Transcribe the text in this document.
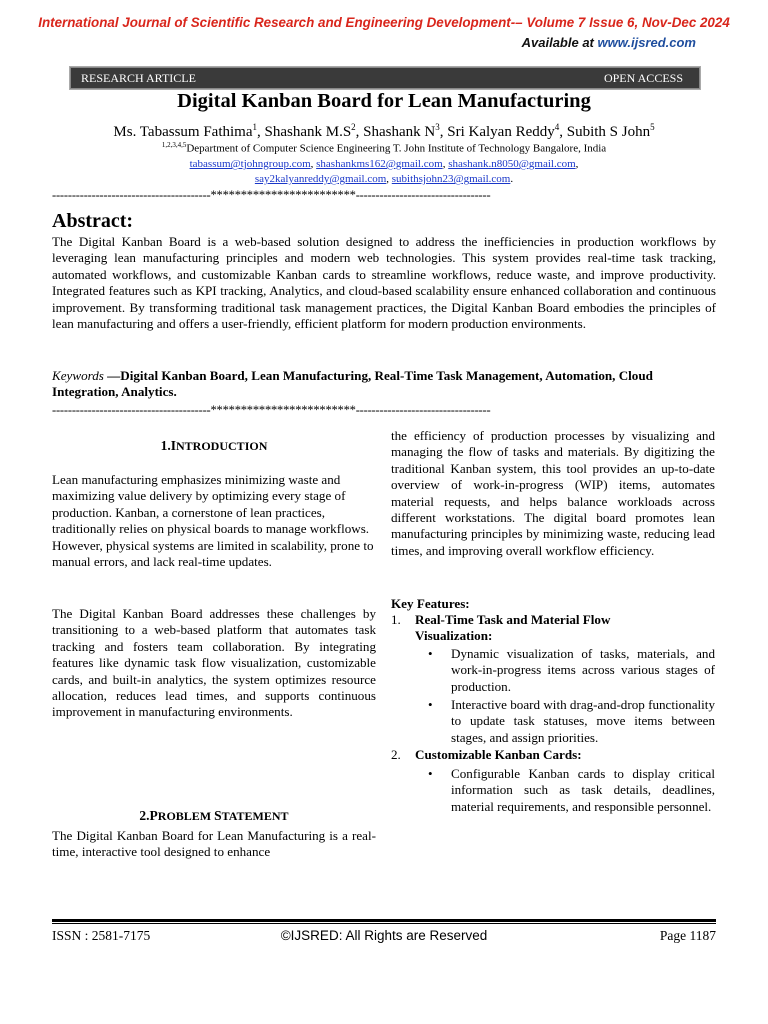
International Journal of Scientific Research and Engineering Development-– Volume 7 Issue 6, Nov-Dec 2024
Available at www.ijsred.com
RESEARCH ARTICLE	OPEN ACCESS
Digital Kanban Board for Lean Manufacturing
Ms. Tabassum Fathima$^1$, Shashank $M.S^2$, Shashank $N^3$, Sri Kalyan Reddy$^4$, Subith S John$^5$
$^{1,2,3,4,5}$Department of Computer Science Engineering T. John Institute of Technology Bangalore, India
tabassum@tjohngroup.com, shashankms162@gmail.com, shashank.n8050@gmail.com,
say2kalyanreddy@gmail.com, subithsjohn23@gmail.com.
----------------------------------------************************----------------------------------
Abstract:
The Digital Kanban Board is a web-based solution designed to address the inefficiencies in production workflows by leveraging lean manufacturing principles and modern web technologies. This system provides real-time task tracking, automated workflows, and customizable Kanban cards to streamline workflows, reduce waste, and improve productivity. Integrated features such as KPI tracking, Analytics, and cloud-based scalability ensure enhanced collaboration and continuous improvement. By transforming traditional task management practices, the Digital Kanban Board embodies the principles of lean manufacturing and offers a user-friendly, efficient platform for modern production environments.
Keywords —Digital Kanban Board, Lean Manufacturing, Real-Time Task Management, Automation, Cloud Integration, Analytics.
----------------------------------------************************----------------------------------
1.INTRODUCTION
Lean manufacturing emphasizes minimizing waste and maximizing value delivery by optimizing every stage of production. Kanban, a cornerstone of lean practices, traditionally relies on physical boards to manage workflows. However, physical systems are limited in scalability, prone to manual errors, and lack real-time updates.
The Digital Kanban Board addresses these challenges by transitioning to a web-based platform that automates task tracking and fosters team collaboration. By integrating features like dynamic task flow visualization, customizable cards, and built-in analytics, the system optimizes resource allocation, reduces lead times, and supports continuous improvement in manufacturing environments.
2.PROBLEM STATEMENT
The Digital Kanban Board for Lean Manufacturing is a real-time, interactive tool designed to enhance
the efficiency of production processes by visualizing and managing the flow of tasks and materials. By digitizing the traditional Kanban system, this tool provides an up-to-date overview of work-in-progress (WIP) items, automates material requests, and helps balance workloads across different workstations. The digital board promotes lean manufacturing principles by minimizing waste, reducing lead times, and improving overall workflow efficiency.
Key Features:
1. Real-Time Task and Material Flow
Visualization:
• Dynamic visualization of tasks, materials, and work-in-progress items across various stages of production.
• Interactive board with drag-and-drop functionality to update task statuses, move items between stages, and assign priorities.
2. Customizable Kanban Cards:
• Configurable Kanban cards to display critical information such as task details, deadlines, material requirements, and responsible personnel.
ISSN : 2581-7175	©IJSRED: All Rights are Reserved	Page 1187
